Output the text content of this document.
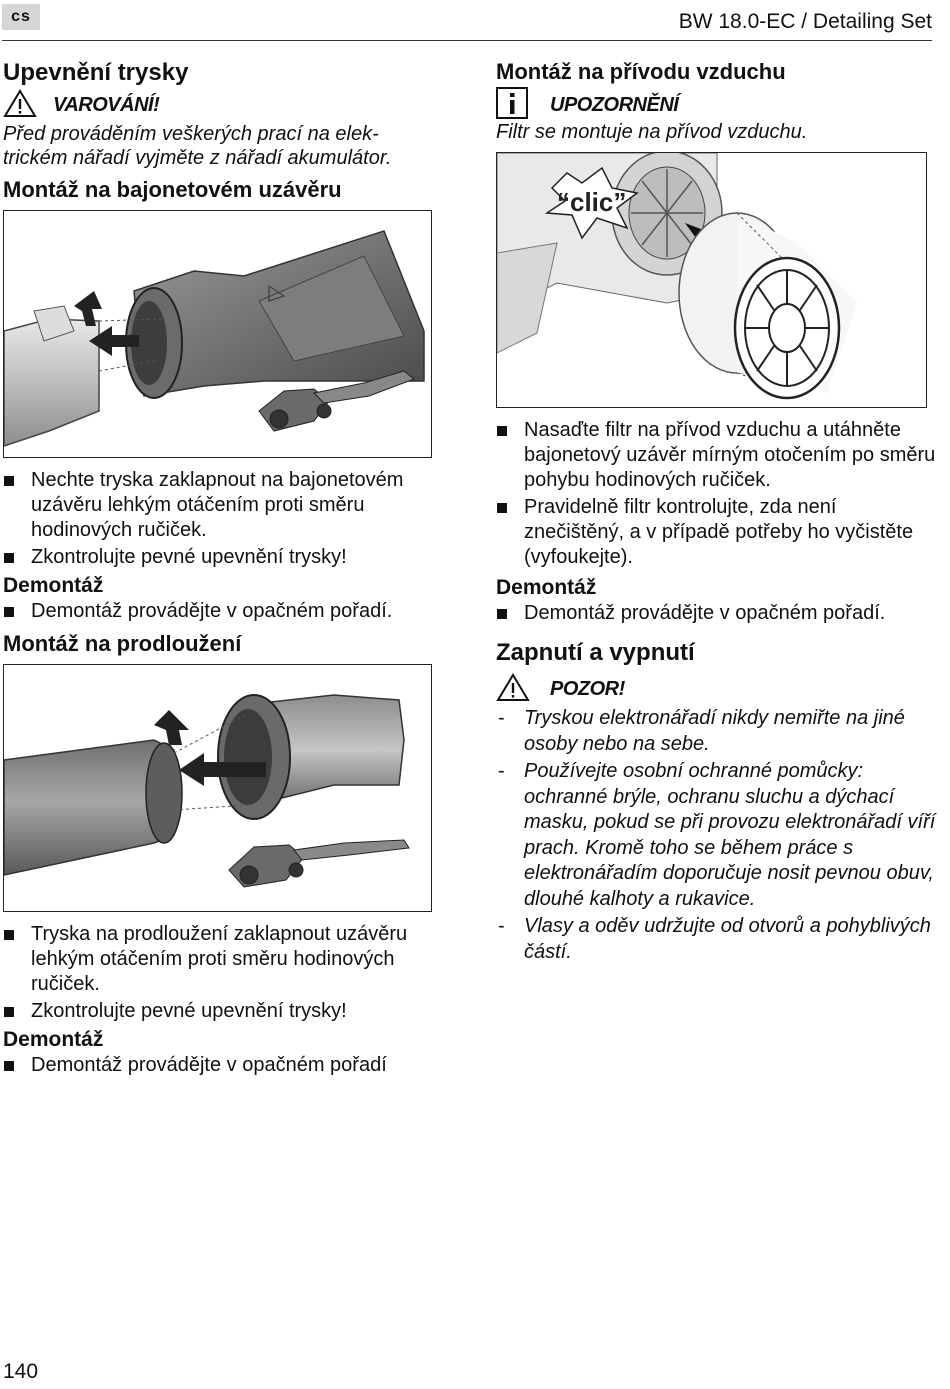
cs	BW 18.0-EC / Detailing Set
Upevnění trysky
VAROVÁNÍ!
Před prováděním veškerých prací na elek-
trickém nářadí vyjměte z nářadí akumulátor.
Montáž na bajonetovém uzávěru
Nechte tryska zaklapnout na bajonetovém uzávěru lehkým otáčením proti směru hodinových ručiček.
Zkontrolujte pevné upevnění trysky!
Demontáž
Demontáž provádějte v opačném pořadí.
Montáž na prodloužení
Tryska na prodloužení zaklapnout uzávěru lehkým otáčením proti směru hodinových ručiček.
Zkontrolujte pevné upevnění trysky!
Demontáž
Demontáž provádějte v opačném pořadí
Montáž na přívodu vzduchu
UPOZORNĚNÍ
Filtr se montuje na přívod vzduchu.
“clic”
Nasaďte filtr na přívod vzduchu a utáhněte bajonetový uzávěr mírným otočením po směru pohybu hodinových ručiček.
Pravidelně filtr kontrolujte, zda není znečištěný, a v případě potřeby ho vyčistěte (vyfoukejte).
Demontáž
Demontáž provádějte v opačném pořadí.
Zapnutí a vypnutí
POZOR!
- Tryskou elektronářadí nikdy nemiřte na jiné osoby nebo na sebe.
- Používejte osobní ochranné pomůcky: ochranné brýle, ochranu sluchu a dýchací masku, pokud se při provozu elektronářadí víří prach. Kromě toho se během práce s elektronářadím doporučuje nosit pevnou obuv, dlouhé kalhoty a rukavice.
- Vlasy a oděv udržujte od otvorů a pohyblivých částí.
140
